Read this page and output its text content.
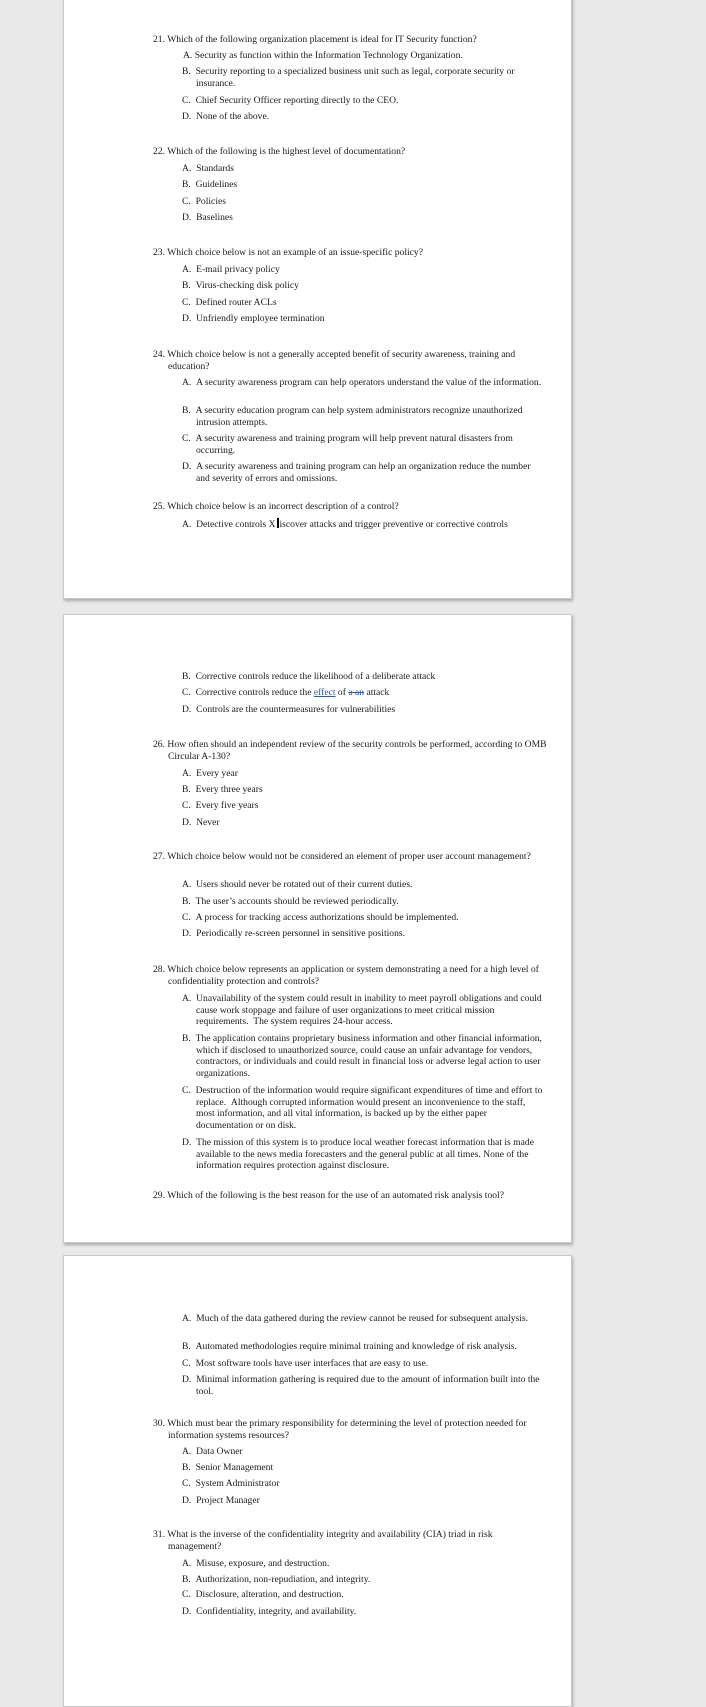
21. Which of the following organization placement is ideal for IT Security function?
A. Security as function within the Information Technology Organization.
B.  Security reporting to a specialized business unit such as legal, corporate security or insurance.
C.  Chief Security Officer reporting directly to the CEO.
D.  None of the above.
22. Which of the following is the highest level of documentation?
A.  Standards
B.  Guidelines
C.  Policies
D.  Baselines
23. Which choice below is not an example of an issue-specific policy?
A.  E-mail privacy policy
B.  Virus-checking disk policy
C.  Defined router ACLs
D.  Unfriendly employee termination
24. Which choice below is not a generally accepted benefit of security awareness, training and education?
A.  A security awareness program can help operators understand the value of the information.
B.  A security education program can help system administrators recognize unauthorized intrusion attempts.
C.  A security awareness and training program will help prevent natural disasters from occurring.
D.  A security awareness and training program can help an organization reduce the number and severity of errors and omissions.
25. Which choice below is an incorrect description of a control?
A.  Detective controls X iscover attacks and trigger preventive or corrective controls
B.  Corrective controls reduce the likelihood of a deliberate attack
C.  Corrective controls reduce the effect of a an attack
D.  Controls are the countermeasures for vulnerabilities
26. How often should an independent review of the security controls be performed, according to OMB Circular A-130?
A.  Every year
B.  Every three years
C.  Every five years
D.  Never
27. Which choice below would not be considered an element of proper user account management?
A.  Users should never be rotated out of their current duties.
B.  The user’s accounts should be reviewed periodically.
C.  A process for tracking access authorizations should be implemented.
D.  Periodically re-screen personnel in sensitive positions.
28. Which choice below represents an application or system demonstrating a need for a high level of confidentiality protection and controls?
A.  Unavailability of the system could result in inability to meet payroll obligations and could cause work stoppage and failure of user organizations to meet critical mission requirements.  The system requires 24-hour access.
B.  The application contains proprietary business information and other financial information, which if disclosed to unauthorized source, could cause an unfair advantage for vendors, contractors, or individuals and could result in financial loss or adverse legal action to user organizations.
C.  Destruction of the information would require significant expenditures of time and effort to replace.  Although corrupted information would present an inconvenience to the staff, most information, and all vital information, is backed up by the either paper documentation or on disk.
D.  The mission of this system is to produce local weather forecast information that is made available to the news media forecasters and the general public at all times. None of the information requires protection against disclosure.
29. Which of the following is the best reason for the use of an automated risk analysis tool?
A.  Much of the data gathered during the review cannot be reused for subsequent analysis.
B.  Automated methodologies require minimal training and knowledge of risk analysis.
C.  Most software tools have user interfaces that are easy to use.
D.  Minimal information gathering is required due to the amount of information built into the tool.
30. Which must bear the primary responsibility for determining the level of protection needed for information systems resources?
A.  Data Owner
B.  Senior Management
C.  System Administrator
D.  Project Manager
31. What is the inverse of the confidentiality integrity and availability (CIA) triad in risk management?
A.  Misuse, exposure, and destruction.
B.  Authorization, non-repudiation, and integrity.
C.  Disclosure, alteration, and destruction.
D.  Confidentiality, integrity, and availability.
